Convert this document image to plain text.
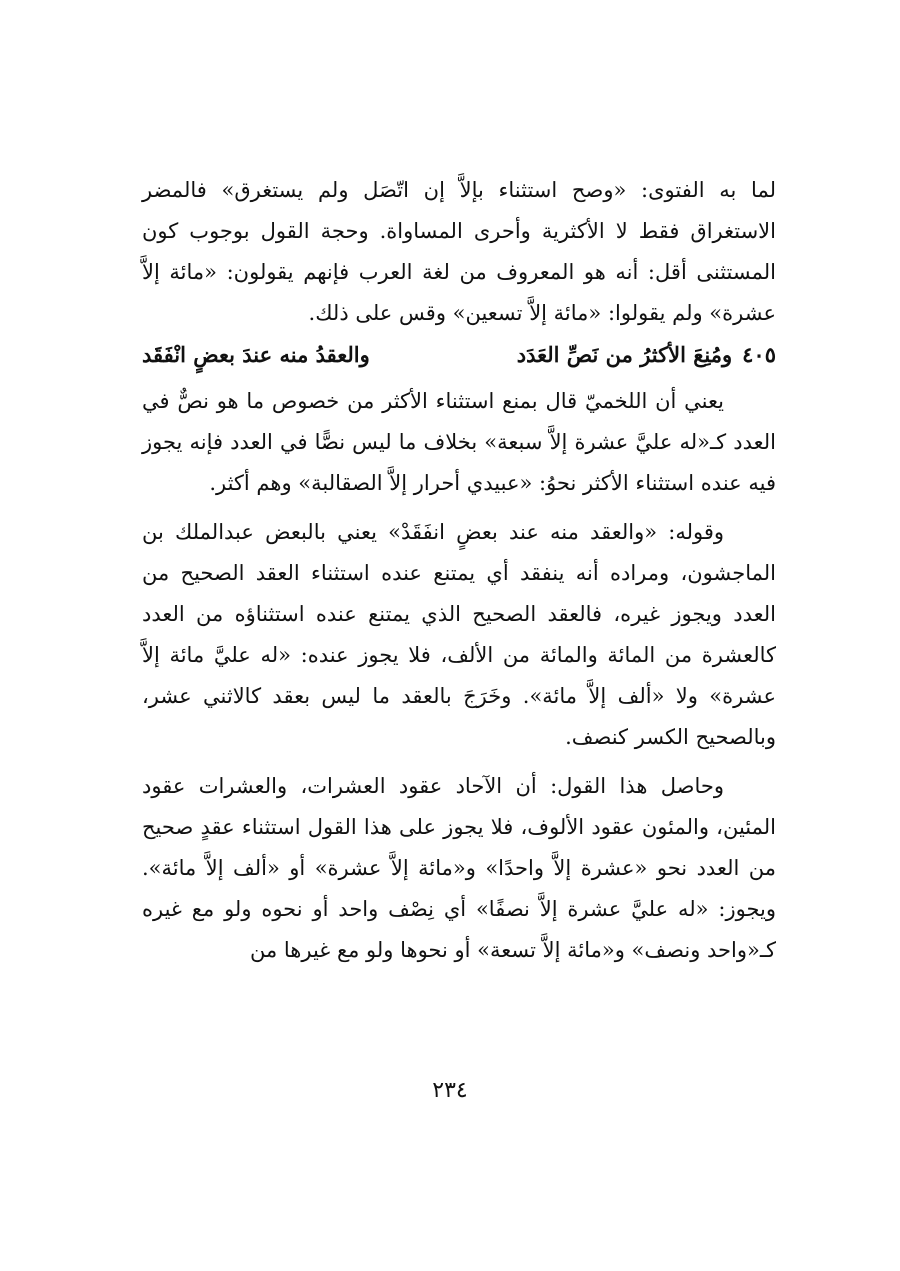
لما به الفتوى: «وصح استثناء بإلاَّ إن اتّصَل ولم يستغرق» فالمضر الاستغراق فقط لا الأكثرية وأحرى المساواة. وحجة القول بوجوب كون المستثنى أقل: أنه هو المعروف من لغة العرب فإنهم يقولون: «مائة إلاَّ عشرة» ولم يقولوا: «مائة إلاَّ تسعين» وقس على ذلك.

٤٠٥ومُنِعَ الأكثرُ من نَصِّ العَدَد
والعقدُ منه عندَ بعضٍ انْفَقَد

يعني أن اللخميّ قال بمنع استثناء الأكثر من خصوص ما هو نصٌّ في العدد كـ«له عليَّ عشرة إلاَّ سبعة» بخلاف ما ليس نصًّا في العدد فإنه يجوز فيه عنده استثناء الأكثر نحوُ: «عبيدي أحرار إلاَّ الصقالبة» وهم أكثر.

وقوله: «والعقد منه عند بعضٍ انفَقَدْ» يعني بالبعض عبدالملك بن الماجشون، ومراده أنه ينفقد أي يمتنع عنده استثناء العقد الصحيح من العدد ويجوز غيره، فالعقد الصحيح الذي يمتنع عنده استثناؤه من العدد كالعشرة من المائة والمائة من الألف، فلا يجوز عنده: «له عليَّ مائة إلاَّ عشرة» ولا «ألف إلاَّ مائة». وخَرَجَ بالعقد ما ليس بعقد كالاثني عشر، وبالصحيح الكسر كنصف.

وحاصل هذا القول: أن الآحاد عقود العشرات، والعشرات عقود المئين، والمئون عقود الألوف، فلا يجوز على هذا القول استثناء عقدٍ صحيح من العدد نحو «عشرة إلاَّ واحدًا» و«مائة إلاَّ عشرة» أو «ألف إلاَّ مائة». ويجوز: «له عليَّ عشرة إلاَّ نصفًا» أي نِصْف واحد أو نحوه ولو مع غيره كـ«واحد ونصف» و«مائة إلاَّ تسعة» أو نحوها ولو مع غيرها من

٢٣٤
